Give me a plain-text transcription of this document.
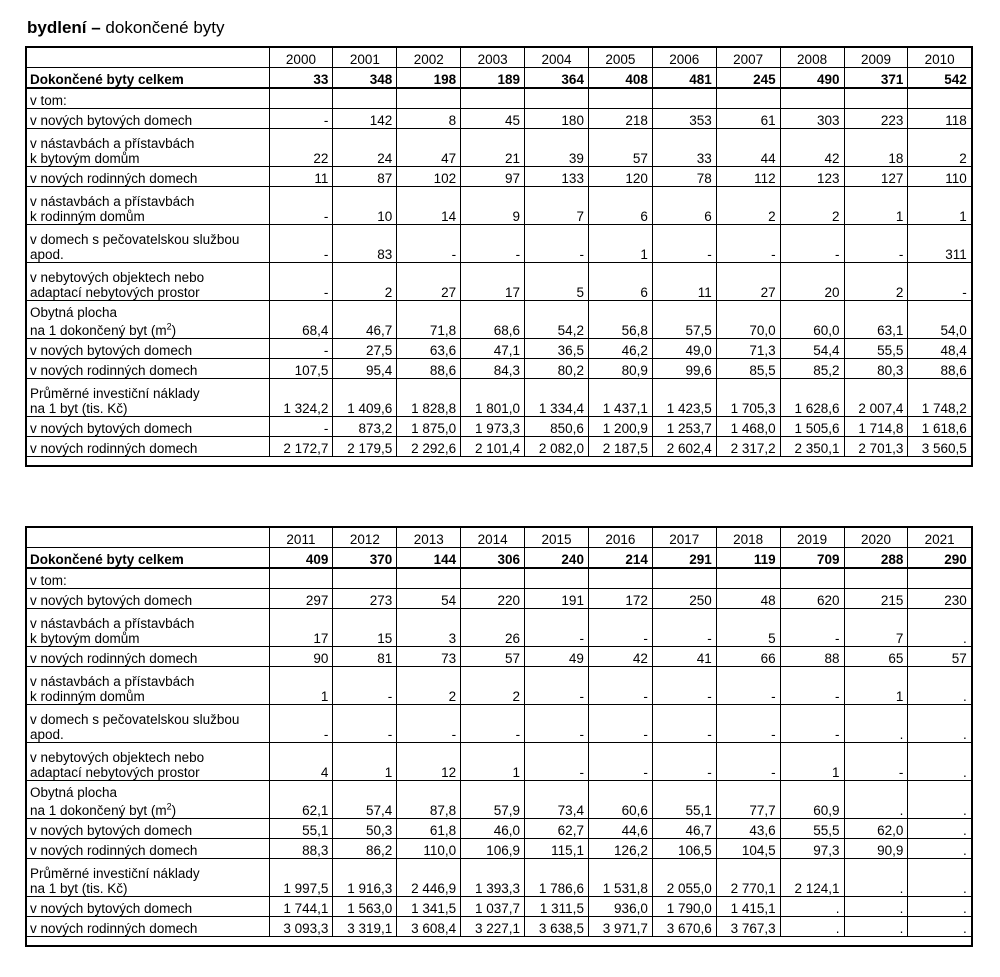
bydlení – dokončené byty
	2000	2001	2002	2003	2004	2005	2006	2007	2008	2009	2010
Dokončené byty celkem	33	348	198	189	364	408	481	245	490	371	542
v tom:											
v nových bytových domech	-	142	8	45	180	218	353	61	303	223	118
v nástavbách a přístavbách
k bytovým domům	22	24	47	21	39	57	33	44	42	18	2
v nových rodinných domech	11	87	102	97	133	120	78	112	123	127	110
v nástavbách a přístavbách
k rodinným domům	-	10	14	9	7	6	6	2	2	1	1
v domech s pečovatelskou službou
apod.	-	83	-	-	-	1	-	-	-	-	311
v nebytových objektech nebo
adaptací nebytových prostor	-	2	27	17	5	6	11	27	20	2	-
Obytná plocha
na 1 dokončený byt $(m^2)$	68,4	46,7	71,8	68,6	54,2	56,8	57,5	70,0	60,0	63,1	54,0
v nových bytových domech	-	27,5	63,6	47,1	36,5	46,2	49,0	71,3	54,4	55,5	48,4
v nových rodinných domech	107,5	95,4	88,6	84,3	80,2	80,9	99,6	85,5	85,2	80,3	88,6
Průměrné investiční náklady
na 1 byt (tis. Kč)	1 324,2	1 409,6	1 828,8	1 801,0	1 334,4	1 437,1	1 423,5	1 705,3	1 628,6	2 007,4	1 748,2
v nových bytových domech	-	873,2	1 875,0	1 973,3	850,6	1 200,9	1 253,7	1 468,0	1 505,6	1 714,8	1 618,6
v nových rodinných domech	2 172,7	2 179,5	2 292,6	2 101,4	2 082,0	2 187,5	2 602,4	2 317,2	2 350,1	2 701,3	3 560,5

	2011	2012	2013	2014	2015	2016	2017	2018	2019	2020	2021
Dokončené byty celkem	409	370	144	306	240	214	291	119	709	288	290
v tom:											
v nových bytových domech	297	273	54	220	191	172	250	48	620	215	230
v nástavbách a přístavbách
k bytovým domům	17	15	3	26	-	-	-	5	-	7	.
v nových rodinných domech	90	81	73	57	49	42	41	66	88	65	57
v nástavbách a přístavbách
k rodinným domům	1	-	2	2	-	-	-	-	-	1	.
v domech s pečovatelskou službou
apod.	-	-	-	-	-	-	-	-	-	.	.
v nebytových objektech nebo
adaptací nebytových prostor	4	1	12	1	-	-	-	-	1	-	.
Obytná plocha
na 1 dokončený byt $(m^2)$	62,1	57,4	87,8	57,9	73,4	60,6	55,1	77,7	60,9	.	.
v nových bytových domech	55,1	50,3	61,8	46,0	62,7	44,6	46,7	43,6	55,5	62,0	.
v nových rodinných domech	88,3	86,2	110,0	106,9	115,1	126,2	106,5	104,5	97,3	90,9	.
Průměrné investiční náklady
na 1 byt (tis. Kč)	1 997,5	1 916,3	2 446,9	1 393,3	1 786,6	1 531,8	2 055,0	2 770,1	2 124,1	.	.
v nových bytových domech	1 744,1	1 563,0	1 341,5	1 037,7	1 311,5	936,0	1 790,0	1 415,1	.	.	.
v nových rodinných domech	3 093,3	3 319,1	3 608,4	3 227,1	3 638,5	3 971,7	3 670,6	3 767,3	.	.	.
